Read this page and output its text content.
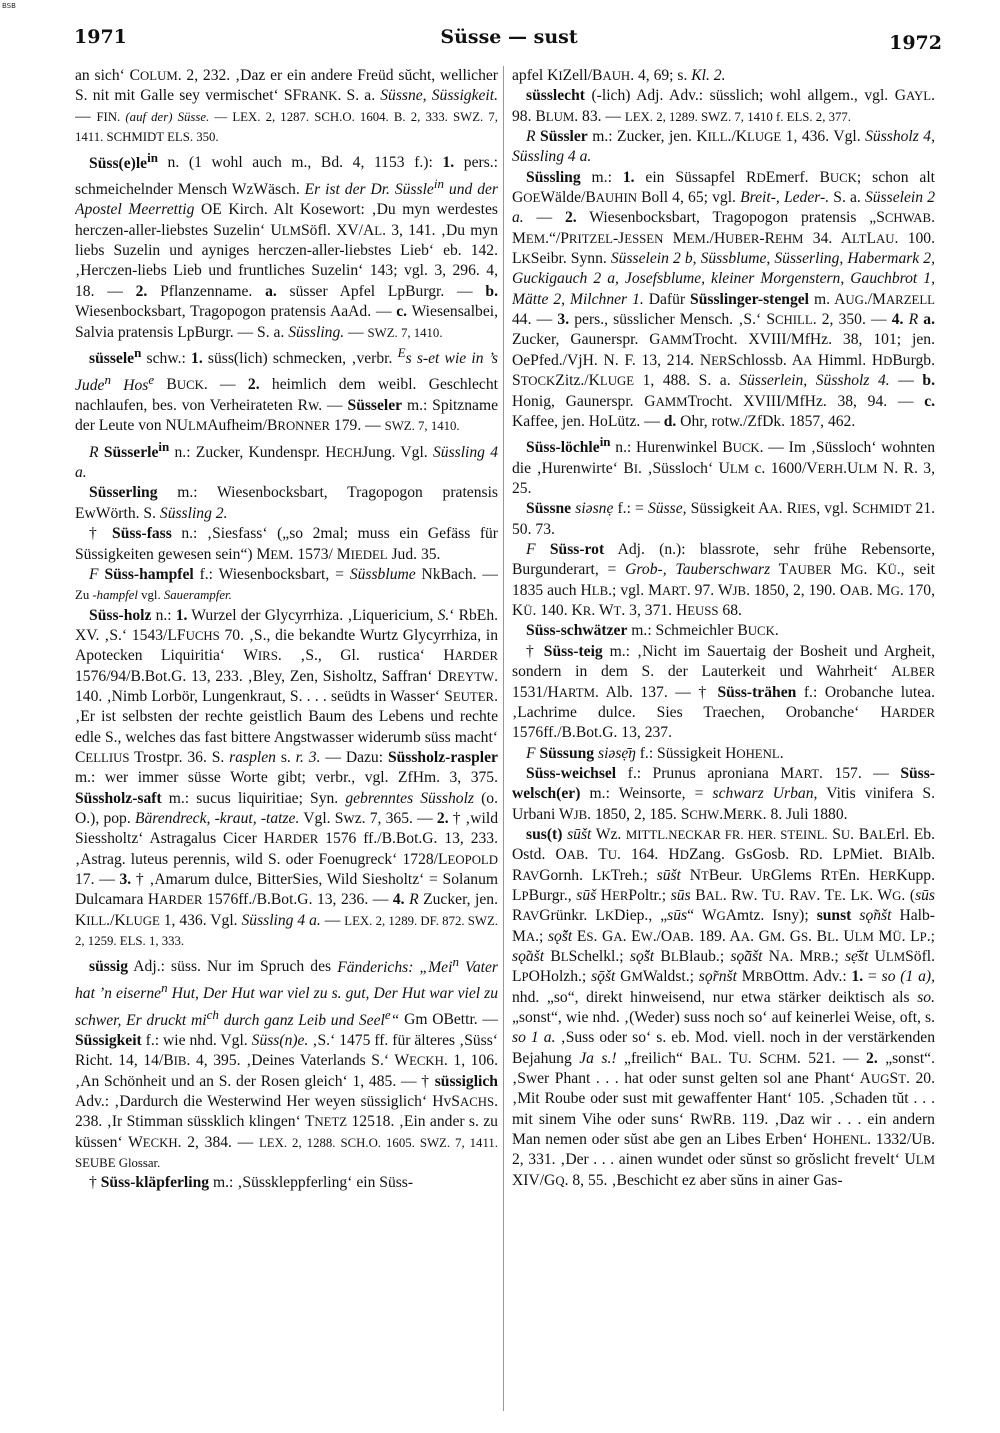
BSB
1971	Süsse — sust	1972

an sich‘ COLUM. 2, 232. ‚Daz er ein andere Freüd sŭcht, wellicher S. nit mit Galle sey vermischet‘ SFRANK. S. a. Süssne, Süssigkeit. — FIN. (auf der) Süsse. — LEX. 2, 1287. SCH.O. 1604. B. 2, 333. SWZ. 7, 1411. SCHMIDT ELS. 350.

$Süss(e)le^{in}$ n. (1 wohl auch m., Bd. 4, 1153 f.): 1. pers.: schmeichelnder Mensch WzWäsch. Er ist der Dr. Süssle$^{in}$ und der Apostel Meerrettig OE Kirch. Alt Kosewort: ‚Du myn werdestes herczen-aller-liebstes Suzelin‘ ULMSöfl. XV/AL. 3, 141. ‚Du myn liebs Suzelin und ayniges herczen-aller-liebstes Lieb‘ eb. 142. ‚Herczen-liebs Lieb und fruntliches Suzelin‘ 143; vgl. 3, 296. 4, 18. — 2. Pflanzenname. a. süsser Apfel LpBurgr. — b. Wiesenbocksbart, Tragopogon pratensis AaAd. — c. Wiesensalbei, Salvia pratensis LpBurgr. — S. a. Süssling. — SWZ. 7, 1410.

süssele$^n$ schw.: 1. süss(lich) schmecken, ‚verbr. $^E$s s-et wie in ’s Jude$^n$ Hos$^e$ BUCK. — 2. heimlich dem weibl. Geschlecht nachlaufen, bes. von Verheirateten Rw. — Süsseler m.: Spitzname der Leute von NULMAufheim/BRONNER 179. — SWZ. 7, 1410.

R Süsserle$^{in}$ n.: Zucker, Kundenspr. HECHJung. Vgl. Süssling 4 a.

Süsserling m.: Wiesenbocksbart, Tragopogon pratensis EwWörth. S. Süssling 2.

† Süss-fass n.: ‚Siesfass‘ („so 2mal; muss ein Gefäss für Süssigkeiten gewesen sein“) MEM. 1573/ MIEDEL Jud. 35.

F Süss-hampfel f.: Wiesenbocksbart, = Süssblume NkBach. — Zu -hampfel vgl. Sauerampfer.

Süss-holz n.: 1. Wurzel der Glycyrrhiza. ‚Liquericium, S.‘ RbEh. XV. ‚S.‘ 1543/LFUCHS 70. ‚S., die bekandte Wurtz Glycyrrhiza, in Apotecken Liquiritia‘ WIRS. ‚S., Gl. rustica‘ HARDER 1576/94/B.Bot.G. 13, 233. ‚Bley, Zen, Sisholtz, Saffran‘ DREYTW. 140. ‚Nimb Lorbör, Lungenkraut, S. . . . seüdts in Wasser‘ SEUTER. ‚Er ist selbsten der rechte geistlich Baum des Lebens und rechte edle S., welches das fast bittere Angstwasser widerumb süss macht‘ CELLIUS Trostpr. 36. S. rasplen s. r. 3. — Dazu: Süssholz-raspler m.: wer immer süsse Worte gibt; verbr., vgl. ZfHm. 3, 375. Süssholz-saft m.: sucus liquiritiae; Syn. gebrenntes Süssholz (o. O.), pop. Bärendreck, -kraut, -tatze. Vgl. Swz. 7, 365. — 2. † ‚wild Siessholtz‘ Astragalus Cicer HARDER 1576 ff./B.Bot.G. 13, 233. ‚Astrag. luteus perennis, wild S. oder Foenugreck‘ 1728/LEOPOLD 17. — 3. † ‚Amarum dulce, BitterSies, Wild Siesholtz‘ = Solanum Dulcamara HARDER 1576ff./B.Bot.G. 13, 236. — 4. R Zucker, jen. KILL./KLUGE 1, 436. Vgl. Süssling 4 a. — LEX. 2, 1289. DF. 872. SWZ. 2, 1259. ELS. 1, 333.

süssig Adj.: süss. Nur im Spruch des Fänderichs: „Mei$^n$ Vater hat ’n eiserne$^n$ Hut, Der Hut war viel zu s. gut, Der Hut war viel zu schwer, Er druckt $mi^{ch}$ durch ganz Leib und Seel$^e$“ Gm OBettr. — Süssigkeit f.: wie nhd. Vgl. Süss(n)e. ‚S.‘ 1475 ff. für älteres ‚Süss‘ Richt. 14, 14/BIB. 4, 395. ‚Deines Vaterlands S.‘ WECKH. 1, 106. ‚An Schönheit und an S. der Rosen gleich‘ 1, 485. — † süssiglich Adv.: ‚Dardurch die Westerwind Her weyen süssiglich‘ HvSACHS. 238. ‚Ir Stimman süssklich klingen‘ TNETZ 12518. ‚Ein ander s. zu küssen‘ WECKH. 2, 384. — LEX. 2, 1288. SCH.O. 1605. SWZ. 7, 1411. SEUBE Glossar.

† Süss-kläpferling m.: ‚Süsskleppferling‘ ein Süss-

apfel KIZell/BAUH. 4, 69; s. Kl. 2.

süsslecht (-lich) Adj. Adv.: süsslich; wohl allgem., vgl. GAYL. 98. BLUM. 83. — LEX. 2, 1289. SWZ. 7, 1410 f. ELS. 2, 377.

R Süssler m.: Zucker, jen. KILL./KLUGE 1, 436. Vgl. Süssholz 4, Süssling 4 a.

Süssling m.: 1. ein Süssapfel RDEmerf. BUCK; schon alt GOEWälde/BAUHIN Boll 4, 65; vgl. Breit-, Leder-. S. a. Süsselein 2 a. — 2. Wiesenbocksbart, Tragopogon pratensis „SCHWAB. MEM.“/PRITZEL-JESSEN MEM./HUBER-REHM 34. ALTLAU. 100. LKSeibr. Synn. Süsselein 2 b, Süssblume, Süsserling, Habermark 2, Guckigauch 2 a, Josefsblume, kleiner Morgenstern, Gauchbrot 1, Mätte 2, Milchner 1. Dafür Süsslinger-stengel m. AUG./MARZELL 44. — 3. pers., süsslicher Mensch. ‚S.‘ SCHILL. 2, 350. — 4. R a. Zucker, Gaunerspr. GAMMTrocht. XVIII/MfHz. 38, 101; jen. OePfed./VjH. N. F. 13, 214. NERSchlossb. AA Himml. HDBurgb. STOCKZitz./KLUGE 1, 488. S. a. Süsserlein, Süssholz 4. — b. Honig, Gaunerspr. GAMMTrocht. XVIII/MfHz. 38, 94. — c. Kaffee, jen. HoLütz. — d. Ohr, rotw./ZfDk. 1857, 462.

Süss-löchle$^{in}$ n.: Hurenwinkel BUCK. — Im ‚Süssloch‘ wohnten die ‚Hurenwirte‘ BI. ‚Süssloch‘ ULM c. 1600/VERH.ULM N. R. 3, 25.

Süssne siəsnẹ f.: = Süsse, Süssigkeit AA. RIES, vgl. SCHMIDT 21. 50. 73.

F Süss-rot Adj. (n.): blassrote, sehr frühe Rebensorte, Burgunderart, = Grob-, Tauberschwarz TAUBER MG. KÜ., seit 1835 auch HLB.; vgl. MART. 97. WJB. 1850, 2, 190. OAB. MG. 170, KÜ. 140. KR. WT. 3, 371. HEUSS 68.

Süss-schwätzer m.: Schmeichler BUCK.

† Süss-teig m.: ‚Nicht im Sauertaig der Bosheit und Argheit, sondern in dem S. der Lauterkeit und Wahrheit‘ ALBER 1531/HARTM. Alb. 137. — † Süss-trähen f.: Orobanche lutea. ‚Lachrime dulce. Sies Traechen, Orobanche‘ HARDER 1576ff./B.Bot.G. 13, 237.

F Süssung siəsẹ̄ŋ f.: Süssigkeit HOHENL.

Süss-weichsel f.: Prunus aproniana MART. 157. — Süss-welsch(er) m.: Weinsorte, = schwarz Urban, Vitis vinifera S. Urbani WJB. 1850, 2, 185. SCHW.MERK. 8. Juli 1880.

sus(t) sūšt Wz. MITTL.NECKAR FR. HER. STEINL. SU. BALErl. Eb. Ostd. OAB. TU. 164. HDZang. GsGosb. RD. LPMiet. BIAlb. RAVGornh. LKTreh.; sūšt NTBeur. URGlems RTEn. HERKupp. LPBurgr., sūš HERPoltr.; sūs BAL. RW. TU. RAV. TE. LK. WG. (sūs RAVGrünkr. LKDiep., „sūs“ WGAmtz. Isny); sunst sǫ̃nšt Halb-MA.; sǫ̃št ES. GA. EW./OAB. 189. AA. GM. GS. BL. ULM MÜ. LP.; sǫ̃ašt BLSchelkl.; sǫ̃št BLBlaub.; sǫ̃āšt NA. MRB.; sẹ̄št ULMSöfl. LPOHolzh.; sǭšt GMWaldst.; sǫ̃rnšt MRBOttm. Adv.: 1. = so (1 a), nhd. „so“, direkt hinweisend, nur etwa stärker deiktisch als so. „sonst“, wie nhd. ‚(Weder) suss noch so‘ auf keinerlei Weise, oft, s. so 1 a. ‚Suss oder so‘ s. eb. Mod. viell. noch in der verstärkenden Bejahung Ja s.! „freilich“ BAL. TU. SCHM. 521. — 2. „sonst“. ‚Swer Phant . . . hat oder sunst gelten sol ane Phant‘ AUGST. 20. ‚Mit Roube oder sust mit gewaffenter Hant‘ 105. ‚Schaden tŭt . . . mit sinem Vihe oder suns‘ RWRB. 119. ‚Daz wir . . . ein andern Man nemen oder sŭst abe gen an Libes Erben‘ HOHENL. 1332/UB. 2, 331. ‚Der . . . ainen wundet oder sŭnst so grŏslicht frevelt‘ ULM XIV/GQ. 8, 55. ‚Beschicht ez aber sŭns in ainer Gas-
